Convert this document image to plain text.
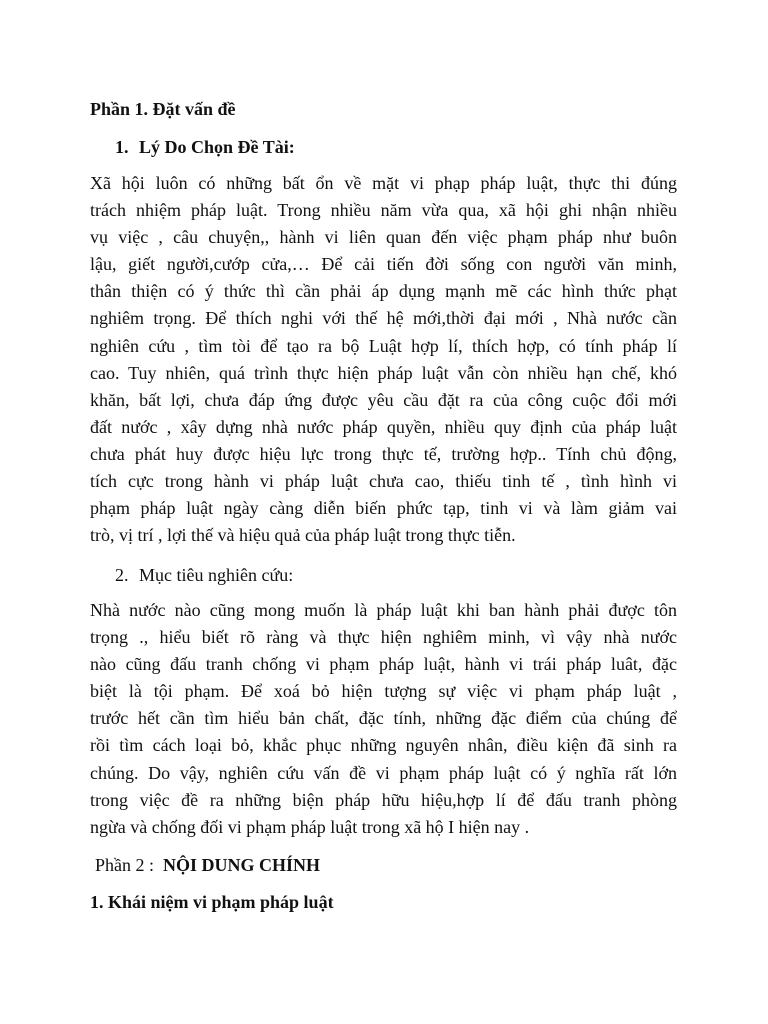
Phần 1. Đặt vấn đề
1. Lý Do Chọn Đề Tài:
Xã hội luôn có những bất ổn về mặt vi phạp pháp luật, thực thi đúng
trách nhiệm pháp luật. Trong nhiều năm vừa qua, xã hội ghi nhận nhiều
vụ việc , câu chuyện,, hành vi liên quan đến việc phạm pháp như buôn
lậu, giết người,cướp cửa,… Để cải tiến đời sống con người văn minh,
thân thiện có ý thức thì cần phải áp dụng mạnh mẽ các hình thức phạt
nghiêm trọng. Để thích nghi với thế hệ mới,thời đại mới , Nhà nước cần
nghiên cứu , tìm tòi để tạo ra bộ Luật hợp lí, thích hợp, có tính pháp lí
cao. Tuy nhiên, quá trình thực hiện pháp luật vẫn còn nhiều hạn chế, khó
khăn, bất lợi, chưa đáp ứng được yêu cầu đặt ra của công cuộc đổi mới
đất nước , xây dựng nhà nước pháp quyền, nhiều quy định của pháp luật
chưa phát huy được hiệu lực trong thực tế, trường hợp.. Tính chủ động,
tích cực trong hành vi pháp luật chưa cao, thiếu tinh tế , tình hình vi
phạm pháp luật ngày càng diễn biến phức tạp, tinh vi và làm giảm vai
trò, vị trí , lợi thế và hiệu quả của pháp luật trong thực tiễn.
2. Mục tiêu nghiên cứu:
Nhà nước nào cũng mong muốn là pháp luật khi ban hành phải được tôn
trọng ., hiểu biết rõ ràng và thực hiện nghiêm minh, vì vậy nhà nước
nào cũng đấu tranh chống vi phạm pháp luật, hành vi trái pháp luât, đặc
biệt là tội phạm. Để xoá bỏ hiện tượng sự việc vi phạm pháp luật ,
trước hết cần tìm hiểu bản chất, đặc tính, những đặc điểm của chúng để
rồi tìm cách loại bỏ, khắc phục những nguyên nhân, điều kiện đã sinh ra
chúng. Do vậy, nghiên cứu vấn đề vi phạm pháp luật có ý nghĩa rất lớn
trong việc đề ra những biện pháp hữu hiệu,hợp lí để đấu tranh phòng
ngừa và chống đối vi phạm pháp luật trong xã hộ I hiện nay .
Phần 2 : NỘI DUNG CHÍNH
1. Khái niệm vi phạm pháp luật
